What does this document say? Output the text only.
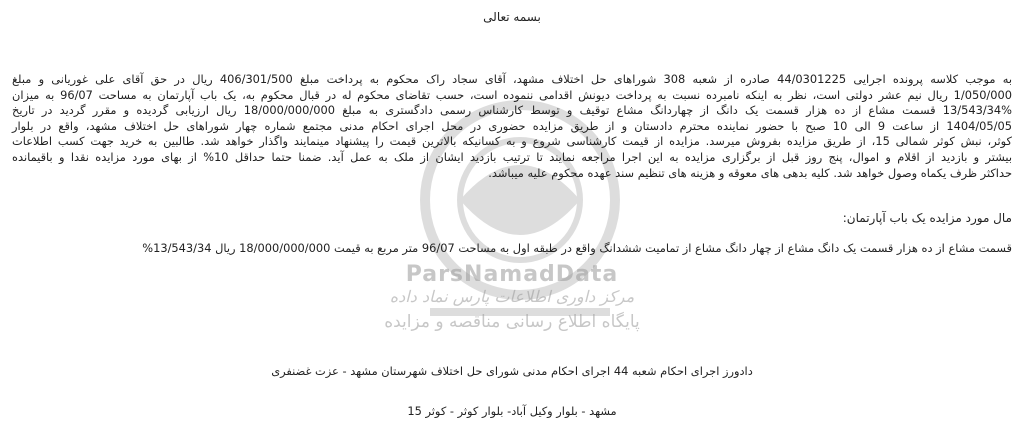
ParsNamadData
مرکز داوری اطلاعات پارس نماد داده
پایگاه اطلاع رسانی مناقصه و مزایده
بسمه تعالی
به موجب کلاسه پرونده اجرایی 44/0301225 صادره از شعبه 308 شوراهای حل اختلاف مشهد، آقای سجاد راک محکوم به پرداخت مبلغ 406/301/500 ریال در حق آقای علی غوریانی و مبلغ
1/050/000 ریال نیم عشر دولتی است، نظر به اینکه نامبرده نسبت به پرداخت دیونش اقدامی ننموده است، حسب تقاضای محکوم له در قبال محکوم به، یک باب آپارتمان به مساحت 96/07 به میزان
13/543/34% قسمت مشاع از ده هزار قسمت یک دانگ از چهاردانگ مشاع توقیف و توسط کارشناس رسمی دادگستری به مبلغ 18/000/000/000 ریال ارزیابی گردیده و مقرر گردید در تاریخ
1404/05/05 از ساعت 9 الی 10 صبح با حضور نماینده محترم دادستان و از طریق مزایده حضوری در محل اجرای احکام مدنی مجتمع شماره چهار شوراهای حل اختلاف مشهد، واقع در بلوار
کوثر، نبش کوثر شمالی 15، از طریق مزایده بفروش میرسد. مزایده از قیمت کارشناسی شروع و به کسانیکه بالاترین قیمت را پیشنهاد مینمایند واگذار خواهد شد. طالبین به خرید جهت کسب اطلاعات
بیشتر و بازدید از اقلام و اموال، پنج روز قبل از برگزاری مزایده به این اجرا مراجعه نمایند تا ترتیب بازدید ایشان از ملک به عمل آید. ضمنا حتما حداقل 10% از بهای مورد مزایده نقدا و باقیمانده
حداکثر ظرف یکماه وصول خواهد شد. کلیه بدهی های معوقه و هزینه های تنظیم سند عهده محکوم علیه میباشد.
مال مورد مزایده یک باب آپارتمان:
قسمت مشاع از ده هزار قسمت یک دانگ مشاع از چهار دانگ مشاع از تمامیت ششدانگ واقع در طبقه اول به مساحت 96/07 متر مربع به قیمت 18/000/000/000 ریال 13/543/34%
دادورز اجرای احکام شعبه 44 اجرای احکام مدنی شورای حل اختلاف شهرستان مشهد - عزت غضنفری
مشهد - بلوار وکیل آباد- بلوار کوثر - کوثر 15
